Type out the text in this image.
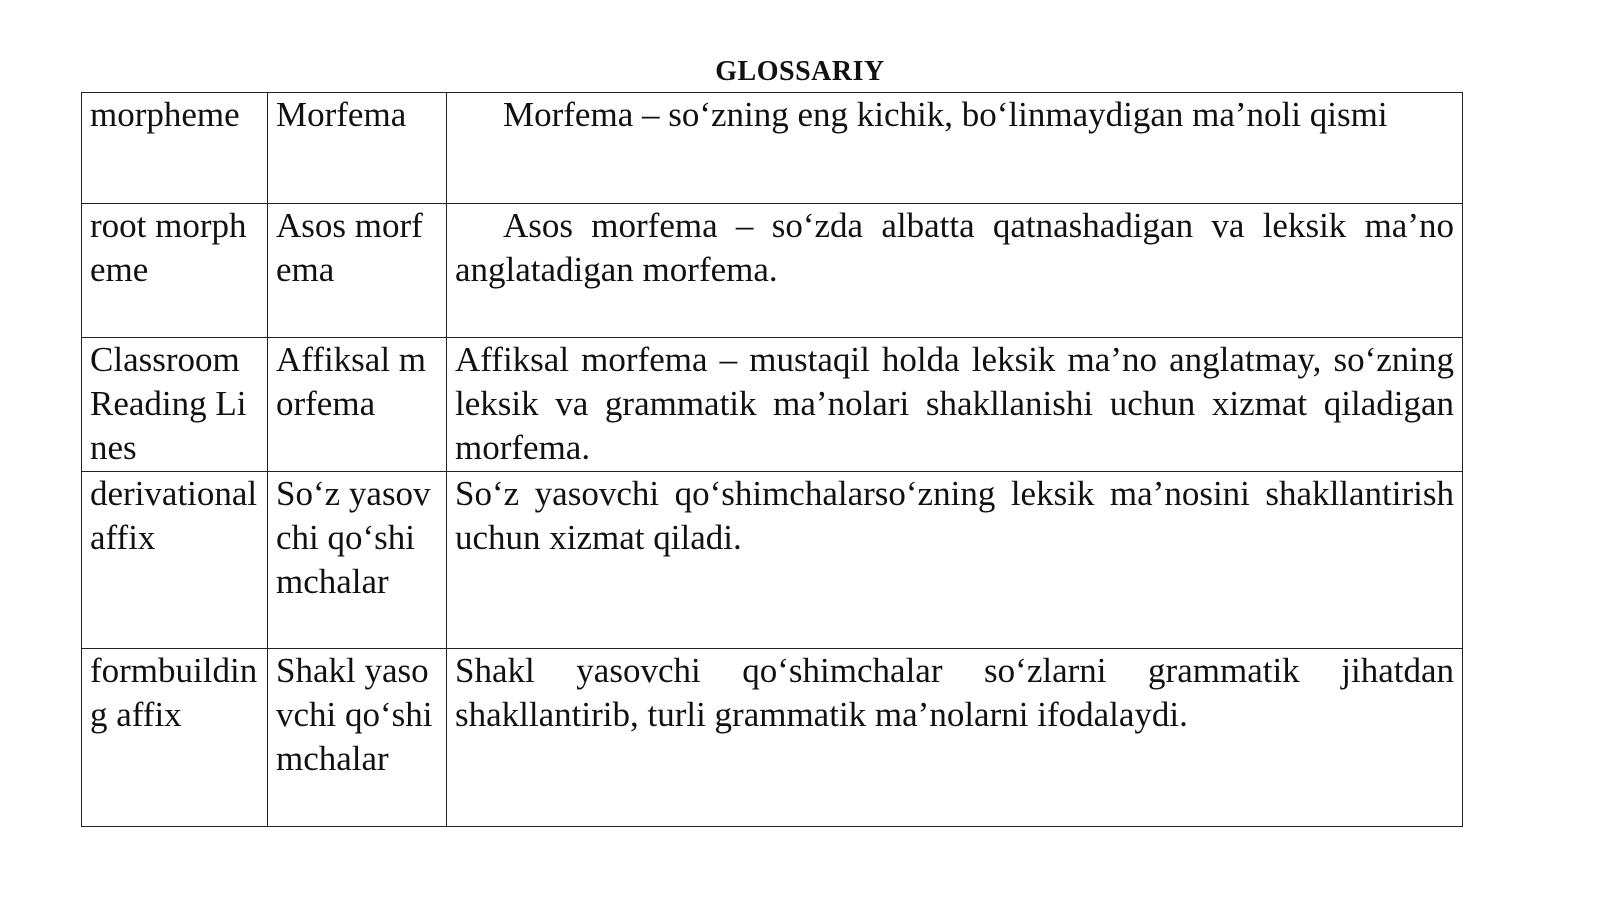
GLOSSARIY
morpheme	Morfema	Morfema – so‘zning eng kichik, bo‘linmaydigan ma’noli qismi
root morpheme	Asos morfema	Asos morfema – so‘zda albatta qatnashadigan va leksik ma’no anglatadigan morfema.
Classroom Reading Lines	Affiksal morfema	Affiksal morfema – mustaqil holda leksik ma’no anglatmay, so‘zning leksik va grammatik ma’nolari shakllanishi uchun xizmat qiladigan morfema.
derivational affix	So‘z yasovchi qo‘shimchalar	So‘z yasovchi qo‘shimchalarso‘zning leksik ma’nosini shakllantirish uchun xizmat qiladi.
formbuilding affix	Shakl yasovchi qo‘shimchalar	Shakl yasovchi qo‘shimchalar so‘zlarni grammatik jihatdan shakllantirib, turli grammatik ma’nolarni ifodalaydi.
